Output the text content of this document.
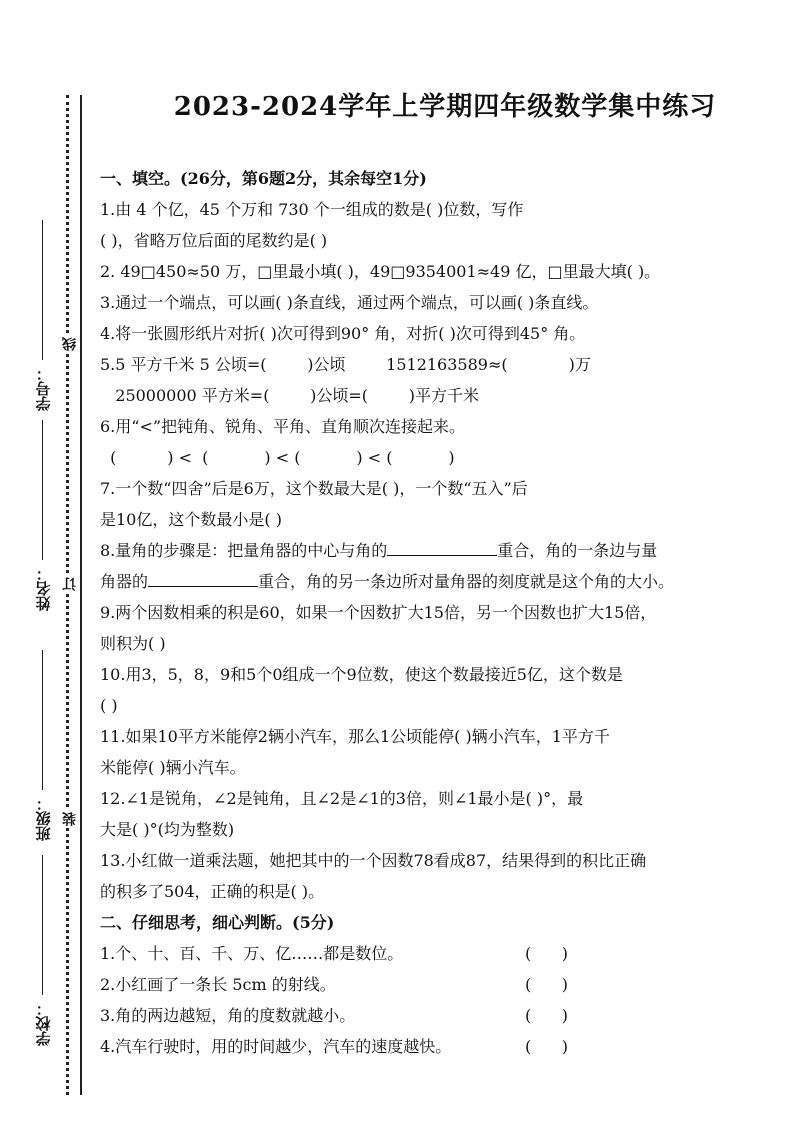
学号：
姓名：
班级：
学校：
线
订
装
2023-2024学年上学期四年级数学集中练习
一、填空。(26分，第6题2分，其余每空1分)
1.由 4 个亿，45 个万和 730 个一组成的数是( )位数，写作
( )，省略万位后面的尾数约是( )
2. 49□450≈50 万，□里最小填( )，49□9354001≈49 亿，□里最大填( )。
3.通过一个端点，可以画( )条直线，通过两个端点，可以画( )条直线。
4.将一张圆形纸片对折( )次可得到90° 角，对折( )次可得到45° 角。
5.5 平方千米 5 公顷=(        )公顷        1512163589≈(            )万
25000000 平方米=(        )公顷=(        )平方千米
6.用“<”把钝角、锐角、平角、直角顺次连接起来。
(          ) <  (           ) < (           ) < (           )
7.一个数“四舍”后是6万，这个数最大是( )，一个数“五入”后
是10亿，这个数最小是( )
8.量角的步骤是：把量角器的中心与角的	重合，角的一条边与量
角器的	重合，角的另一条边所对量角器的刻度就是这个角的大小。
9.两个因数相乘的积是60，如果一个因数扩大15倍，另一个因数也扩大15倍，
则积为( )
10.用3，5，8，9和5个0组成一个9位数，使这个数最接近5亿，这个数是
( )
11.如果10平方米能停2辆小汽车，那么1公顷能停( )辆小汽车，1平方千
米能停( )辆小汽车。
12.∠1是锐角，∠2是钝角，且∠2是∠1的3倍，则∠1最小是( )°，最
大是( )°(均为整数)
13.小红做一道乘法题，她把其中的一个因数78看成87，结果得到的积比正确
的积多了504，正确的积是( )。
二、仔细思考，细心判断。(5分)
1.个、十、百、千、万、亿……都是数位。	(      )
2.小红画了一条长 5cm 的射线。	(      )
3.角的两边越短，角的度数就越小。	(      )
4.汽车行驶时，用的时间越少，汽车的速度越快。	(      )
